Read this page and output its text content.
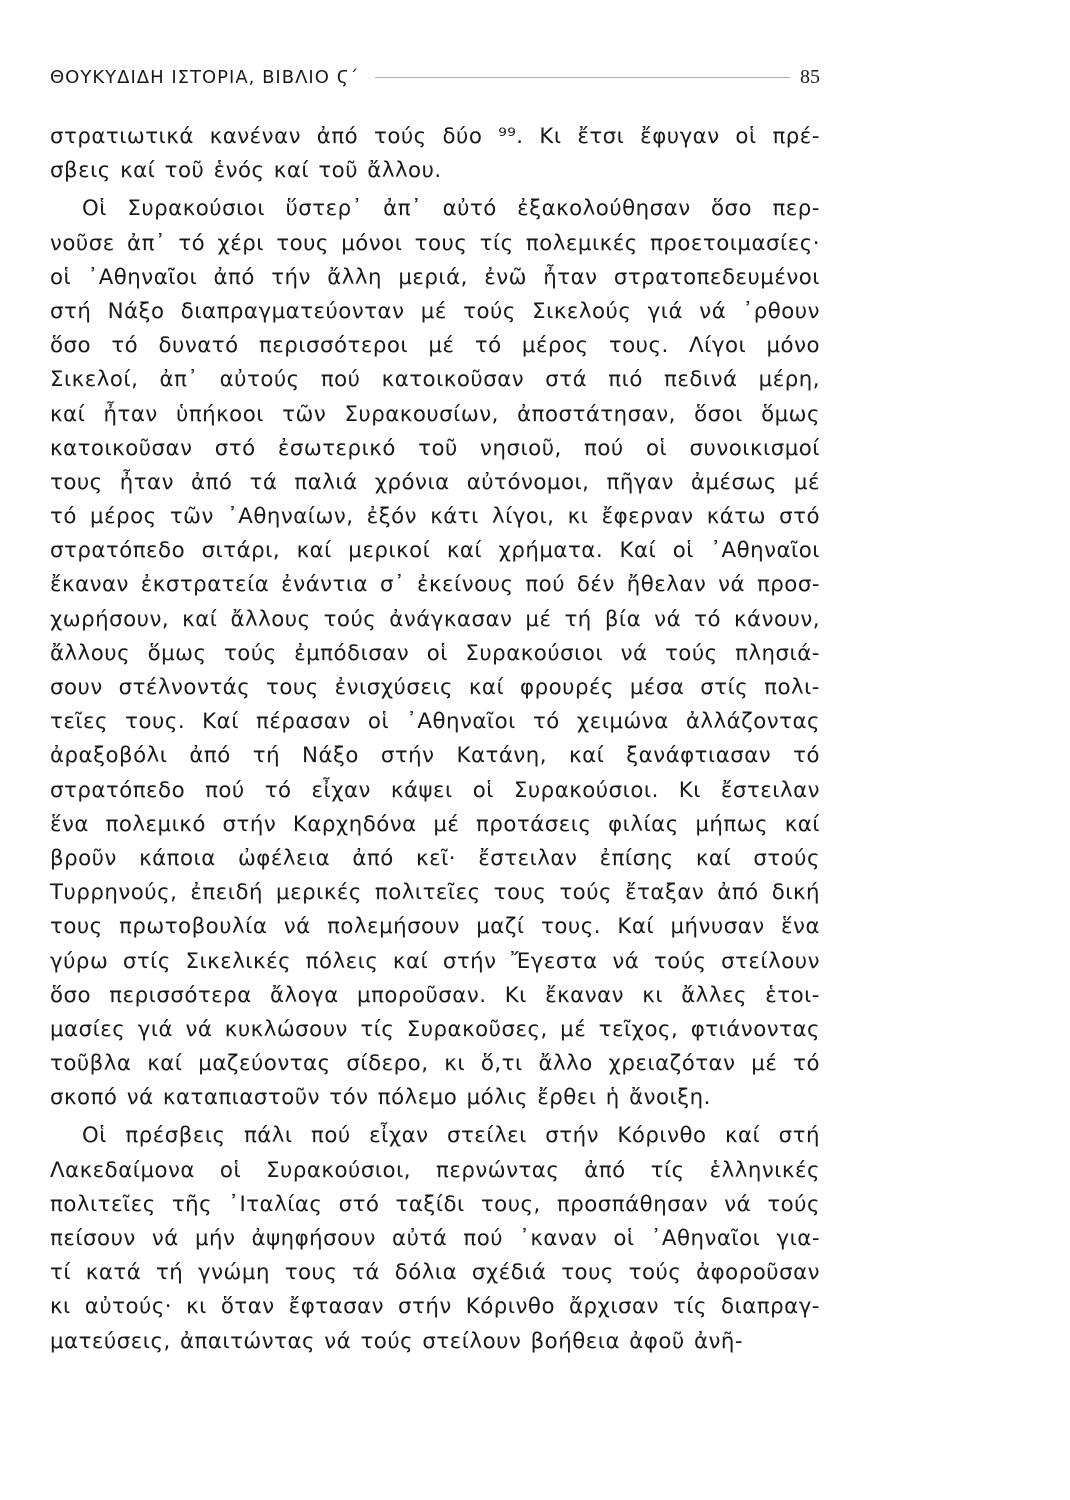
ΘΟΥΚΥΔΙΔΗ ΙΣΤΟΡΙΑ, ΒΙΒΛΙΟ Ϛ΄	85
στρατιωτικά κανέναν ἀπό τούς δύο ⁹⁹. Κι ἔτσι ἔφυγαν οἱ πρέ-
σβεις καί τοῦ ἑνός καί τοῦ ἄλλου.
Οἱ Συρακούσιοι ὕστερ᾽ ἀπ᾽ αὐτό ἐξακολούθησαν ὅσο περ-
νοῦσε ἀπ᾽ τό χέρι τους μόνοι τους τίς πολεμικές προετοιμασίες·
οἱ ᾽Αθηναῖοι ἀπό τήν ἄλλη μεριά, ἐνῶ ἦταν στρατοπεδευμένοι
στή Νάξο διαπραγματεύονταν μέ τούς Σικελούς γιά νά ᾽ρθουν
ὅσο τό δυνατό περισσότεροι μέ τό μέρος τους. Λίγοι μόνο
Σικελοί, ἀπ᾽ αὐτούς πού κατοικοῦσαν στά πιό πεδινά μέρη,
καί ἦταν ὑπήκοοι τῶν Συρακουσίων, ἀποστάτησαν, ὅσοι ὅμως
κατοικοῦσαν στό ἐσωτερικό τοῦ νησιοῦ, πού οἱ συνοικισμοί
τους ἦταν ἀπό τά παλιά χρόνια αὐτόνομοι, πῆγαν ἀμέσως μέ
τό μέρος τῶν ᾽Αθηναίων, ἐξόν κάτι λίγοι, κι ἔφερναν κάτω στό
στρατόπεδο σιτάρι, καί μερικοί καί χρήματα. Καί οἱ ᾽Αθηναῖοι
ἔκαναν ἐκστρατεία ἐνάντια σ᾽ ἐκείνους πού δέν ἤθελαν νά προσ-
χωρήσουν, καί ἄλλους τούς ἀνάγκασαν μέ τή βία νά τό κάνουν,
ἄλλους ὅμως τούς ἐμπόδισαν οἱ Συρακούσιοι νά τούς πλησιά-
σουν στέλνοντάς τους ἐνισχύσεις καί φρουρές μέσα στίς πολι-
τεῖες τους. Καί πέρασαν οἱ ᾽Αθηναῖοι τό χειμώνα ἀλλάζοντας
ἀραξοβόλι ἀπό τή Νάξο στήν Κατάνη, καί ξανάφτιασαν τό
στρατόπεδο πού τό εἶχαν κάψει οἱ Συρακούσιοι. Κι ἔστειλαν
ἕνα πολεμικό στήν Καρχηδόνα μέ προτάσεις φιλίας μήπως καί
βροῦν κάποια ὠφέλεια ἀπό κεῖ· ἔστειλαν ἐπίσης καί στούς
Τυρρηνούς, ἐπειδή μερικές πολιτεῖες τους τούς ἔταξαν ἀπό δική
τους πρωτοβουλία νά πολεμήσουν μαζί τους. Καί μήνυσαν ἕνα
γύρω στίς Σικελικές πόλεις καί στήν Ἔγεστα νά τούς στείλουν
ὅσο περισσότερα ἄλογα μποροῦσαν. Κι ἔκαναν κι ἄλλες ἑτοι-
μασίες γιά νά κυκλώσουν τίς Συρακοῦσες, μέ τεῖχος, φτιάνοντας
τοῦβλα καί μαζεύοντας σίδερο, κι ὅ,τι ἄλλο χρειαζόταν μέ τό
σκοπό νά καταπιαστοῦν τόν πόλεμο μόλις ἔρθει ἡ ἄνοιξη.
Οἱ πρέσβεις πάλι πού εἶχαν στείλει στήν Κόρινθο καί στή
Λακεδαίμονα οἱ Συρακούσιοι, περνώντας ἀπό τίς ἑλληνικές
πολιτεῖες τῆς ᾽Ιταλίας στό ταξίδι τους, προσπάθησαν νά τούς
πείσουν νά μήν ἀψηφήσουν αὐτά πού ᾽καναν οἱ ᾽Αθηναῖοι για-
τί κατά τή γνώμη τους τά δόλια σχέδιά τους τούς ἀφοροῦσαν
κι αὐτούς· κι ὅταν ἔφτασαν στήν Κόρινθο ἄρχισαν τίς διαπραγ-
ματεύσεις, ἀπαιτώντας νά τούς στείλουν βοήθεια ἀφοῦ ἀνῆ-
